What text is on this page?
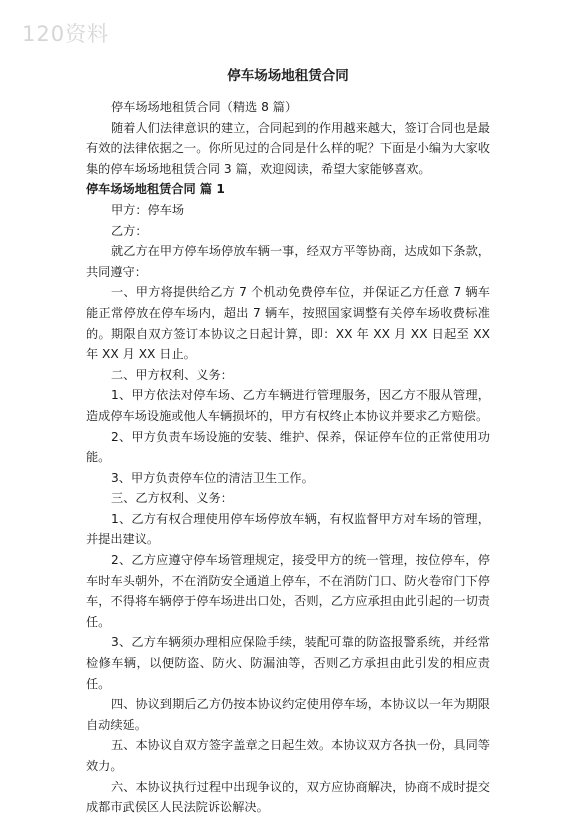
120资料
停车场场地租赁合同

停车场场地租赁合同（精选 8 篇）

随着人们法律意识的建立，合同起到的作用越来越大，签订合同也是最有效的法律依据之一。你所见过的合同是什么样的呢？下面是小编为大家收集的停车场场地租赁合同 3 篇，欢迎阅读，希望大家能够喜欢。

停车场场地租赁合同 篇 1

甲方：停车场

乙方：

就乙方在甲方停车场停放车辆一事，经双方平等协商，达成如下条款，共同遵守：

一、甲方将提供给乙方 7 个机动免费停车位，并保证乙方任意 7 辆车能正常停放在停车场内，超出 7 辆车，按照国家调整有关停车场收费标准的。期限自双方签订本协议之日起计算，即：XX 年 XX 月 XX 日起至 XX 年 XX 月 XX 日止。

二、甲方权利、义务：

1、甲方依法对停车场、乙方车辆进行管理服务，因乙方不服从管理，造成停车场设施或他人车辆损坏的，甲方有权终止本协议并要求乙方赔偿。

2、甲方负责车场设施的安装、维护、保养，保证停车位的正常使用功能。

3、甲方负责停车位的清洁卫生工作。

三、乙方权利、义务：

1、乙方有权合理使用停车场停放车辆，有权监督甲方对车场的管理，并提出建议。

2、乙方应遵守停车场管理规定，接受甲方的统一管理，按位停车，停车时车头朝外，不在消防安全通道上停车，不在消防门口、防火卷帘门下停车，不得将车辆停于停车场进出口处，否则，乙方应承担由此引起的一切责任。

3、乙方车辆须办理相应保险手续，装配可靠的防盗报警系统，并经常检修车辆，以便防盗、防火、防漏油等，否则乙方承担由此引发的相应责任。

四、协议到期后乙方仍按本协议约定使用停车场，本协议以一年为期限自动续延。

五、本协议自双方签字盖章之日起生效。本协议双方各执一份，具同等效力。

六、本协议执行过程中出现争议的，双方应协商解决，协商不成时提交成都市武侯区人民法院诉讼解决。
